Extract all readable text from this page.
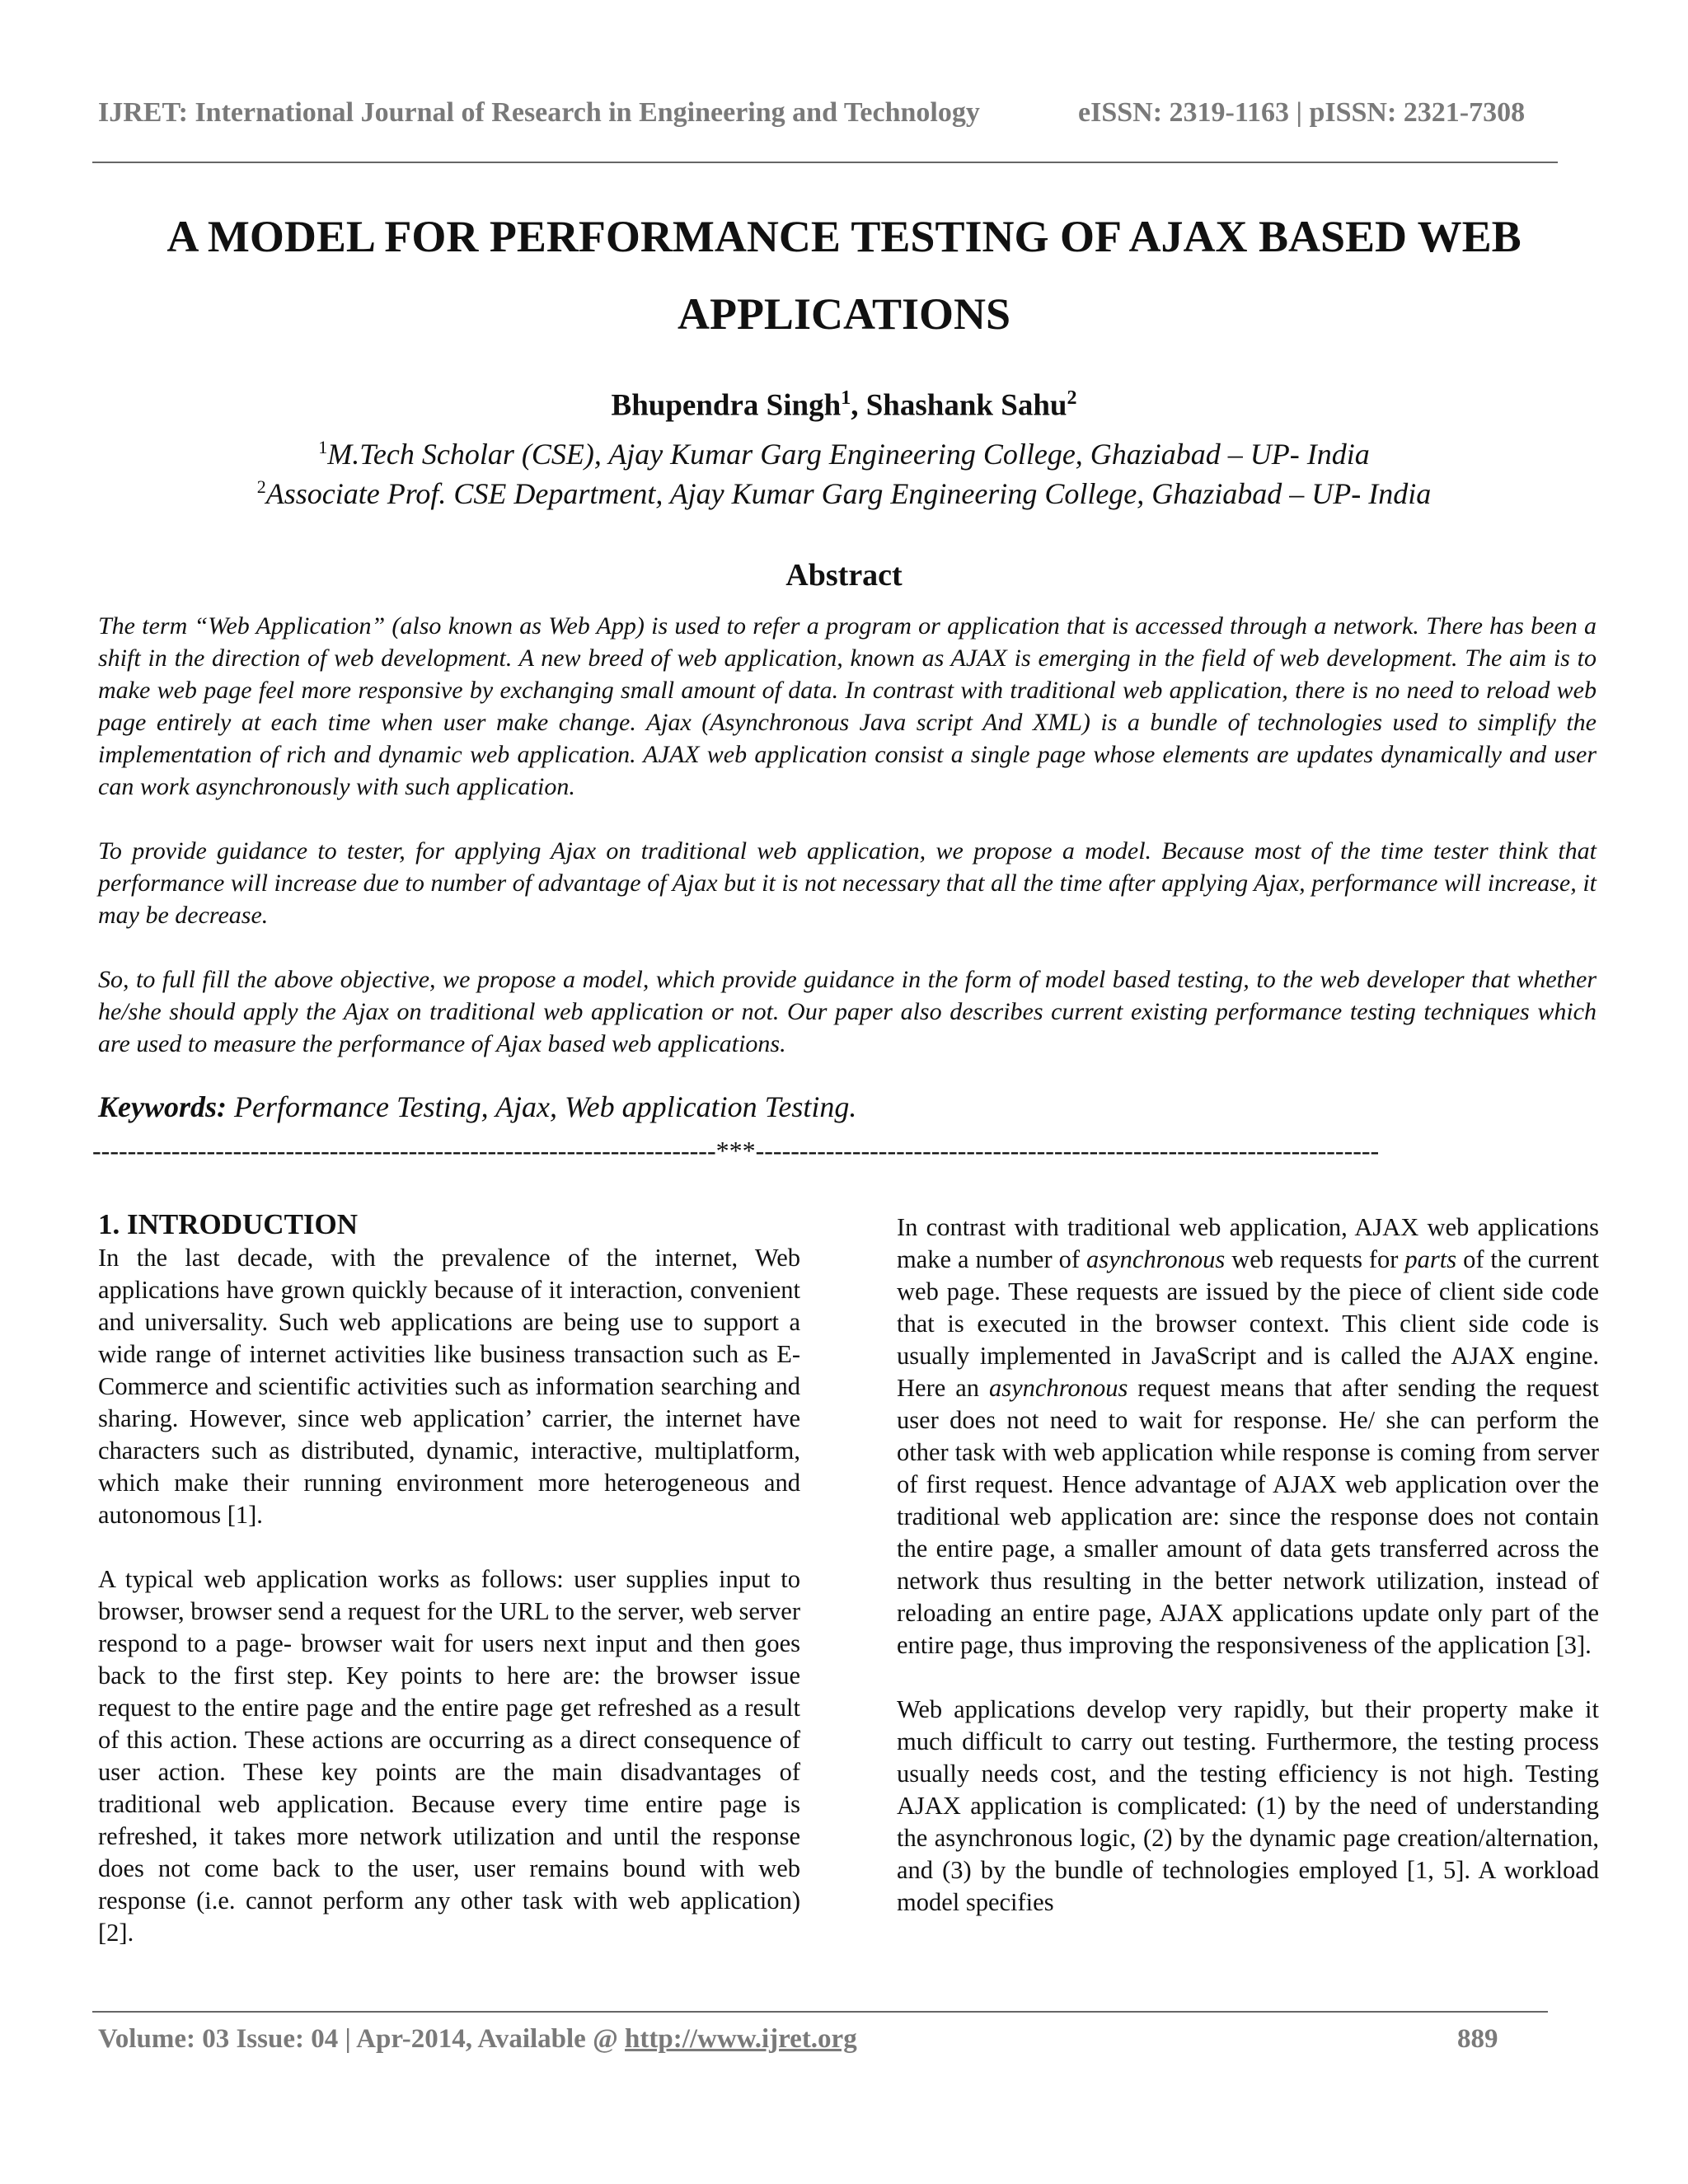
IJRET: International Journal of Research in Engineering and Technology	eISSN: 2319-1163 | pISSN: 2321-7308
A MODEL FOR PERFORMANCE TESTING OF AJAX BASED WEB APPLICATIONS
Bhupendra Singh$^1$, Shashank Sahu$^2$
$^1$M.Tech Scholar (CSE), Ajay Kumar Garg Engineering College, Ghaziabad – UP- India
$^2$Associate Prof. CSE Department, Ajay Kumar Garg Engineering College, Ghaziabad – UP- India
Abstract
The term “Web Application” (also known as Web App) is used to refer a program or application that is accessed through a network. There has been a shift in the direction of web development. A new breed of web application, known as AJAX is emerging in the field of web development. The aim is to make web page feel more responsive by exchanging small amount of data. In contrast with traditional web application, there is no need to reload web page entirely at each time when user make change. Ajax (Asynchronous Java script And XML) is a bundle of technologies used to simplify the implementation of rich and dynamic web application. AJAX web application consist a single page whose elements are updates dynamically and user can work asynchronously with such application.
To provide guidance to tester, for applying Ajax on traditional web application, we propose a model. Because most of the time tester think that performance will increase due to number of advantage of Ajax but it is not necessary that all the time after applying Ajax, performance will increase, it may be decrease.
So, to full fill the above objective, we propose a model, which provide guidance in the form of model based testing, to the web developer that whether he/she should apply the Ajax on traditional web application or not. Our paper also describes current existing performance testing techniques which are used to measure the performance of Ajax based web applications.
Keywords: Performance Testing, Ajax, Web application Testing.
-----------------------------------------------------------------------***-----------------------------------------------------------------------
1. INTRODUCTION

In the last decade, with the prevalence of the internet, Web applications have grown quickly because of it interaction, convenient and universality. Such web applications are being use to support a wide range of internet activities like business transaction such as E-Commerce and scientific activities such as information searching and sharing. However, since web application’ carrier, the internet have characters such as distributed, dynamic, interactive, multiplatform, which make their running environment more heterogeneous and autonomous [1].

A typical web application works as follows: user supplies input to browser, browser send a request for the URL to the server, web server respond to a page- browser wait for users next input and then goes back to the first step. Key points to here are: the browser issue request to the entire page and the entire page get refreshed as a result of this action. These actions are occurring as a direct consequence of user action. These key points are the main disadvantages of traditional web application. Because every time entire page is refreshed, it takes more network utilization and until the response does not come back to the user, user remains bound with web response (i.e. cannot perform any other task with web application) [2].

In contrast with traditional web application, AJAX web applications make a number of asynchronous web requests for parts of the current web page. These requests are issued by the piece of client side code that is executed in the browser context. This client side code is usually implemented in JavaScript and is called the AJAX engine. Here an asynchronous request means that after sending the request user does not need to wait for response. He/ she can perform the other task with web application while response is coming from server of first request. Hence advantage of AJAX web application over the traditional web application are: since the response does not contain the entire page, a smaller amount of data gets transferred across the network thus resulting in the better network utilization, instead of reloading an entire page, AJAX applications update only part of the entire page, thus improving the responsiveness of the application [3].

Web applications develop very rapidly, but their property make it much difficult to carry out testing. Furthermore, the testing process usually needs cost, and the testing efficiency is not high. Testing AJAX application is complicated: (1) by the need of understanding the asynchronous logic, (2) by the dynamic page creation/alternation, and (3) by the bundle of technologies employed [1, 5]. A workload model specifies

Volume: 03 Issue: 04 | Apr-2014, Available @ http://www.ijret.org	889
